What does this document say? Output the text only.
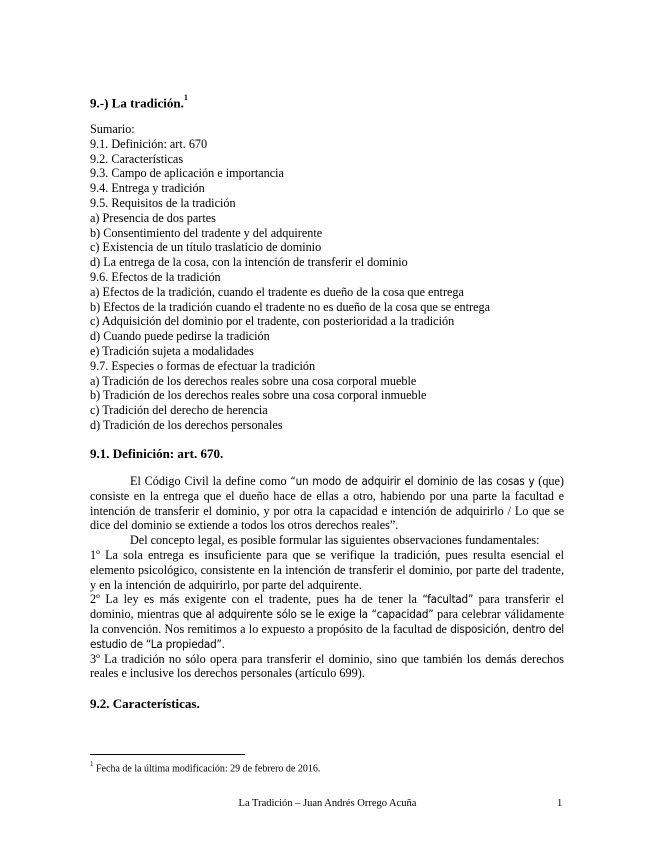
9.-) La tradición.$^1$
Sumario:
9.1. Definición: art. 670
9.2. Características
9.3. Campo de aplicación e importancia
9.4. Entrega y tradición
9.5. Requisitos de la tradición
a) Presencia de dos partes
b) Consentimiento del tradente y del adquirente
c) Existencia de un título traslaticio de dominio
d) La entrega de la cosa, con la intención de transferir el dominio
9.6. Efectos de la tradición
a) Efectos de la tradición, cuando el tradente es dueño de la cosa que entrega
b) Efectos de la tradición cuando el tradente no es dueño de la cosa que se entrega
c) Adquisición del dominio por el tradente, con posterioridad a la tradición
d) Cuando puede pedirse la tradición
e) Tradición sujeta a modalidades
9.7. Especies o formas de efectuar la tradición
a) Tradición de los derechos reales sobre una cosa corporal mueble
b) Tradición de los derechos reales sobre una cosa corporal inmueble
c) Tradición del derecho de herencia
d) Tradición de los derechos personales
9.1. Definición: art. 670.

El Código Civil la define como “un modo de adquirir el dominio de las cosas y (que) consiste en la entrega que el dueño hace de ellas a otro, habiendo por una parte la facultad e intención de transferir el dominio, y por otra la capacidad e intención de adquirirlo / Lo que se dice del dominio se extiende a todos los otros derechos reales”.

Del concepto legal, es posible formular las siguientes observaciones fundamentales:

1º La sola entrega es insuficiente para que se verifique la tradición, pues resulta esencial el elemento psicológico, consistente en la intención de transferir el dominio, por parte del tradente, y en la intención de adquirirlo, por parte del adquirente.

2º La ley es más exigente con el tradente, pues ha de tener la “facultad” para transferir el dominio, mientras que al adquirente sólo se le exige la “capacidad” para celebrar válidamente la convención. Nos remitimos a lo expuesto a propósito de la facultad de disposición, dentro del estudio de “La propiedad”.

3º La tradición no sólo opera para transferir el dominio, sino que también los demás derechos reales e inclusive los derechos personales (artículo 699).

9.2. Características.
$^1$ Fecha de la última modificación: 29 de febrero de 2016.
La Tradición – Juan Andrés Orrego Acuña	1
